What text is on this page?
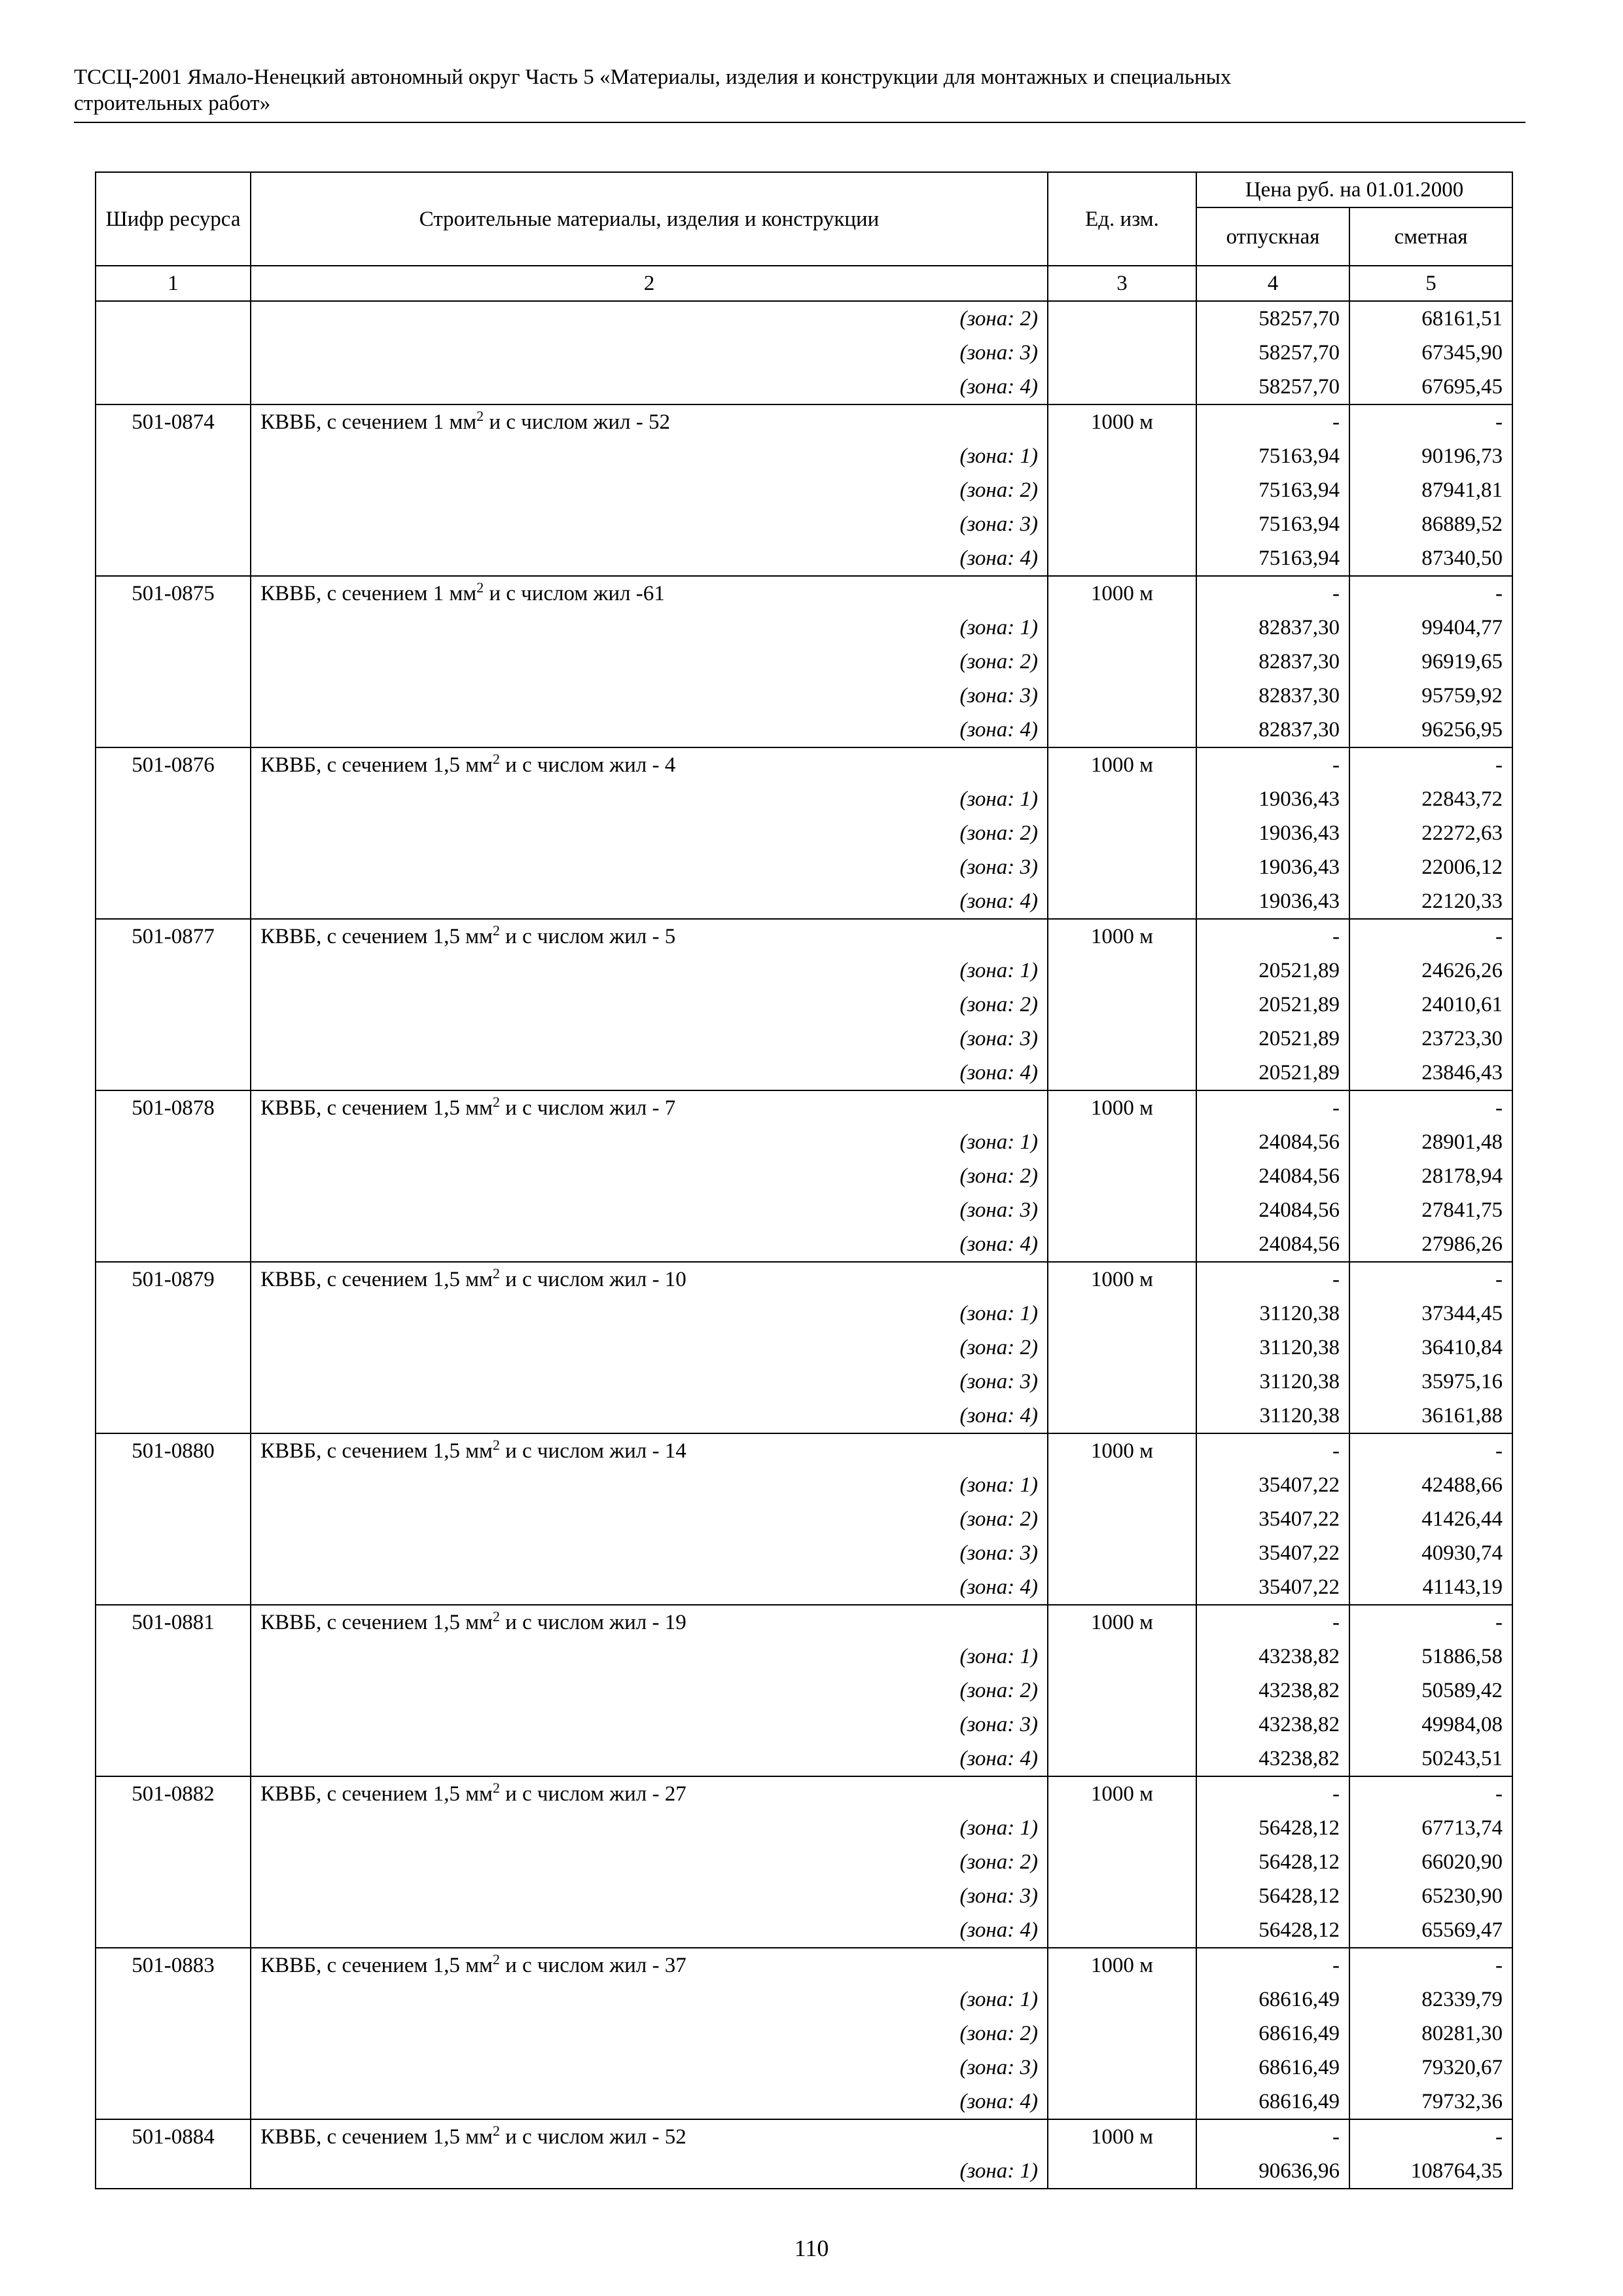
ТССЦ-2001 Ямало-Ненецкий автономный округ Часть 5 «Материалы, изделия и конструкции для монтажных и специальных
строительных работ»
Шифр ресурса	Строительные материалы, изделия и конструкции	Ед. изм.	Цена руб. на 01.01.2000	
			отпускная	сметная
1	2	3	4	5
	(зона: 2)		58257,70	68161,51
	(зона: 3)		58257,70	67345,90
	(зона: 4)		58257,70	67695,45
501-0874	КВВБ, с сечением 1 $мм^2$ и с числом жил - 52	1000 м	-	-
	(зона: 1)		75163,94	90196,73
	(зона: 2)		75163,94	87941,81
	(зона: 3)		75163,94	86889,52
	(зона: 4)		75163,94	87340,50
501-0875	КВВБ, с сечением 1 $мм^2$ и с числом жил -61	1000 м	-	-
	(зона: 1)		82837,30	99404,77
	(зона: 2)		82837,30	96919,65
	(зона: 3)		82837,30	95759,92
	(зона: 4)		82837,30	96256,95
501-0876	КВВБ, с сечением 1,5 $мм^2$ и с числом жил - 4	1000 м	-	-
	(зона: 1)		19036,43	22843,72
	(зона: 2)		19036,43	22272,63
	(зона: 3)		19036,43	22006,12
	(зона: 4)		19036,43	22120,33
501-0877	КВВБ, с сечением 1,5 $мм^2$ и с числом жил - 5	1000 м	-	-
	(зона: 1)		20521,89	24626,26
	(зона: 2)		20521,89	24010,61
	(зона: 3)		20521,89	23723,30
	(зона: 4)		20521,89	23846,43
501-0878	КВВБ, с сечением 1,5 $мм^2$ и с числом жил - 7	1000 м	-	-
	(зона: 1)		24084,56	28901,48
	(зона: 2)		24084,56	28178,94
	(зона: 3)		24084,56	27841,75
	(зона: 4)		24084,56	27986,26
501-0879	КВВБ, с сечением 1,5 $мм^2$ и с числом жил - 10	1000 м	-	-
	(зона: 1)		31120,38	37344,45
	(зона: 2)		31120,38	36410,84
	(зона: 3)		31120,38	35975,16
	(зона: 4)		31120,38	36161,88
501-0880	КВВБ, с сечением 1,5 $мм^2$ и с числом жил - 14	1000 м	-	-
	(зона: 1)		35407,22	42488,66
	(зона: 2)		35407,22	41426,44
	(зона: 3)		35407,22	40930,74
	(зона: 4)		35407,22	41143,19
501-0881	КВВБ, с сечением 1,5 $мм^2$ и с числом жил - 19	1000 м	-	-
	(зона: 1)		43238,82	51886,58
	(зона: 2)		43238,82	50589,42
	(зона: 3)		43238,82	49984,08
	(зона: 4)		43238,82	50243,51
501-0882	КВВБ, с сечением 1,5 $мм^2$ и с числом жил - 27	1000 м	-	-
	(зона: 1)		56428,12	67713,74
	(зона: 2)		56428,12	66020,90
	(зона: 3)		56428,12	65230,90
	(зона: 4)		56428,12	65569,47
501-0883	КВВБ, с сечением 1,5 $мм^2$ и с числом жил - 37	1000 м	-	-
	(зона: 1)		68616,49	82339,79
	(зона: 2)		68616,49	80281,30
	(зона: 3)		68616,49	79320,67
	(зона: 4)		68616,49	79732,36
501-0884	КВВБ, с сечением 1,5 $мм^2$ и с числом жил - 52	1000 м	-	-
	(зона: 1)		90636,96	108764,35
110
